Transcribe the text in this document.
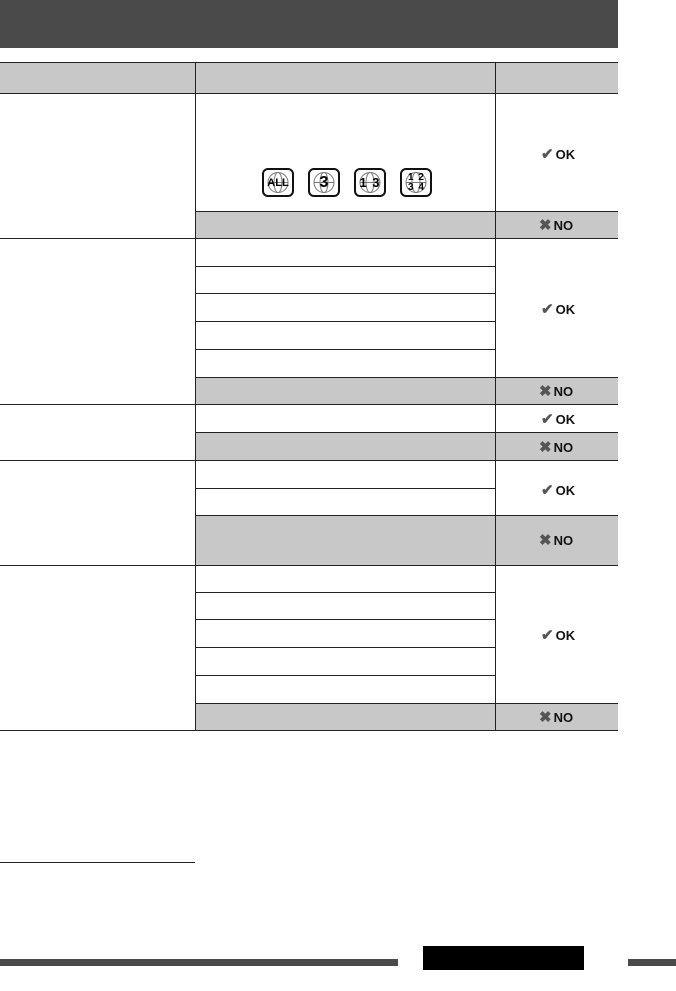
ALL 3 1 3	1 2 3 4
✔ OK
✔ OK
✔ OK
✔ OK
✔ OK
✖ NO
✖ NO
✖ NO
✖ NO
✖ NO
